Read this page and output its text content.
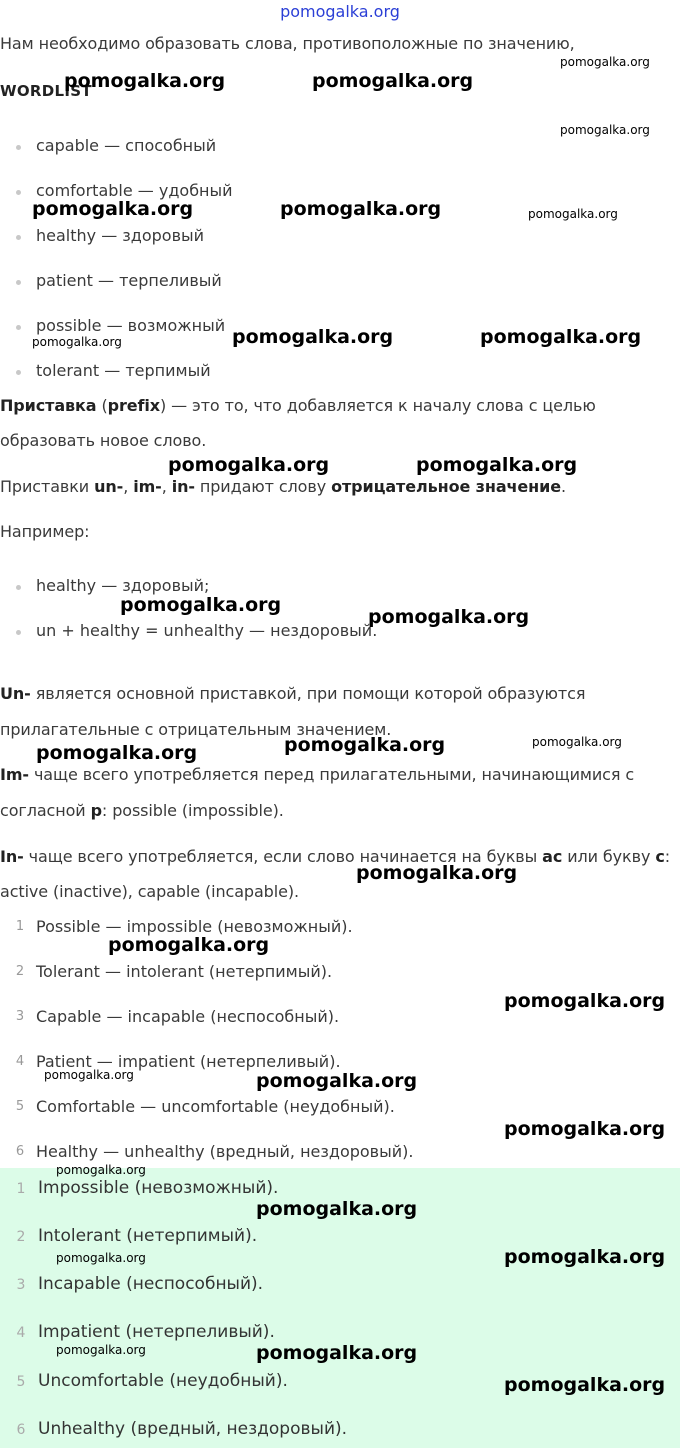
pomogalka.org
Нам необходимо образовать слова, противоположные по значению,
WORDLIST
capable — способный
comfortable — удобный
healthy — здоровый
patient — терпеливый
possible — возможный
tolerant — терпимый
Приставка (prefix) — это то, что добавляется к началу слова с целью
образовать новое слово.
Приставки un-, im-, in- придают слову отрицательное значение.
Например:
healthy — здоровый;
un + healthy = unhealthy — нездоровый.
Un- является основной приставкой, при помощи которой образуются
прилагательные с отрицательным значением.
Im- чаще всего употребляется перед прилагательными, начинающимися с
согласной p: possible (impossible).
In- чаще всего употребляется, если слово начинается на буквы ac или букву c:
active (inactive), capable (incapable).
1 Possible — impossible (невозможный).
2 Tolerant — intolerant (нетерпимый).
3 Capable — incapable (неспособный).
4 Patient — impatient (нетерпеливый).
5 Comfortable — uncomfortable (неудобный).
6 Healthy — unhealthy (вредный, нездоровый).
1 Impossible (невозможный).
2 Intolerant (нетерпимый).
3 Incapable (неспособный).
4 Impatient (нетерпеливый).
5 Uncomfortable (неудобный).
6 Unhealthy (вредный, нездоровый).
pomogalka.org	pomogalka.org
pomogalka.org
pomogalka.org
pomogalka.org	pomogalka.org	pomogalka.org
pomogalka.org	pomogalka.org	pomogalka.org
pomogalka.org	pomogalka.org
pomogalka.org
pomogalka.org
pomogalka.org	pomogalka.org	pomogalka.org
pomogalka.org
pomogalka.org
pomogalka.org
pomogalka.org	pomogalka.org
pomogalka.org
pomogalka.org
pomogalka.org
pomogalka.org	pomogalka.org
pomogalka.org	pomogalka.org
pomogalka.org
